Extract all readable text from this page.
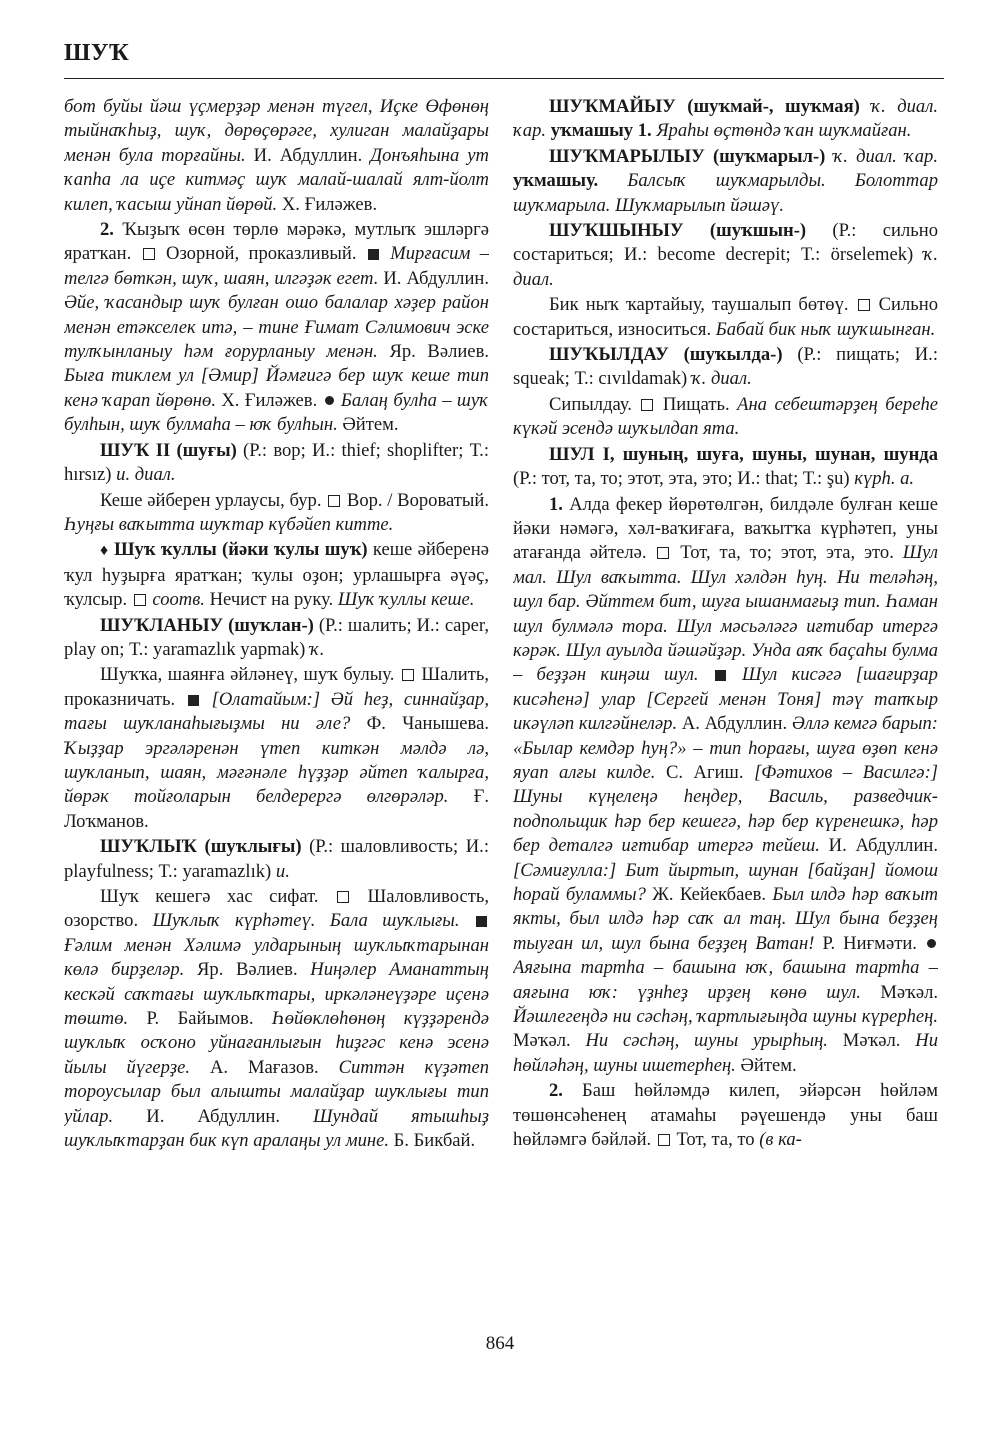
ШУҠ

бот буйы йәш үҫмерҙәр менән түгел, Иҫке Өфөнөң тыйнаҡһыҙ, шуҡ, дөрөҫөрәге, хулиган малайҙары менән була торғайны. И. Абдуллин. Донъяһына ут ҡапһа ла иҫе китмәҫ шуҡ малай-шалай ялт-йолт килеп, ҡасыш уйнап йөрөй. Х. Ғиләжев.

2. Ҡыҙыҡ өсөн төрлө мәрәкә, мутлыҡ эшләргә яратҡан.  Озорной, проказливый.  Мирғасим – телгә бөткән, шуҡ, шаян, илгәҙәк егет. И. Абдуллин. Әйе, ҡасандыр шуҡ булған ошо балалар хәҙер район менән етәкселек итә, – тине Ғимат Сәлимович эске тулҡынланыу һәм ғорурланыу менән. Яр. Вәлиев. Быға тиклем ул [Әмир] Йәмғигә бер шуҡ кеше тип кенә ҡарап йөрөнө. Х. Ғиләжев.  Балаң булһа – шуҡ булһын, шуҡ булмаһа – юҡ булһын. Әйтем.

ШУҠ II (шуғы) (Р.: вор; И.: thief; shoplifter; Т.: hırsız) и. диал.

Кеше әйберен урлаусы, бур.  Вор. / Вороватый. Һуңғы ваҡытта шуҡтар күбәйеп китте.

♦ Шуҡ ҡуллы (йәки ҡулы шуҡ) кеше әйберенә ҡул һуҙырға яратҡан; ҡулы оҙон; урлашырға әүәҫ, ҡулсыр.  соотв. Нечист на руку. Шуҡ ҡуллы кеше.

ШУҠЛАНЫУ (шуҡлан-) (Р.: шалить; И.: caper, play on; Т.: yaramazlık yapmak) ҡ.

Шуҡҡа, шаянға әйләнеү, шуҡ булыу.  Шалить, проказничать.  [Олатайым:] Әй һеҙ, синнайҙар, тағы шуҡланаһығыҙмы ни әле? Ф. Чанышева. Ҡыҙҙар эргәләренән үтеп киткән мәлдә лә, шуҡланып, шаян, мәғәнәле һүҙҙәр әйтеп ҡалырға, йөрәк тойғоларын белдерергә өлгөрәләр. Ғ. Лоҡманов.

ШУҠЛЫҠ (шуҡлығы) (Р.: шаловливость; И.: playfulness; Т.: yaramazlık) и.

Шуҡ кешегә хас сифат.  Шаловливость, озорство. Шуҡлыҡ күрһәтеү. Бала шуҡлығы.  Ғәлим менән Хәлимә улдарының шуҡлыҡтарынан көлә бирҙеләр. Яр. Вәлиев. Ниңәлер Аманаттың кескәй саҡтағы шуҡлыҡтары, иркәләнеүҙәре иҫенә төштө. Р. Байымов. Һөйөклөһөнөң күҙҙәрендә шуҡлыҡ осҡоно уйнағанлығын һиҙгәс кенә эсенә йылы йүгерҙе. А. Мағазов. Ситтән күҙәтеп тороусылар был алышты малайҙар шуҡлығы тип уйлар. И. Абдуллин. Шундай ятышһыҙ шуҡлыҡтарҙан бик күп аралаңы ул мине. Б. Бикбай.

ШУҠМАЙЫУ (шуҡмай-, шуҡмая) ҡ. диал. ҡар. уҡмашыу 1. Яраһы өҫтөндә ҡан шуҡмайған.

ШУҠМАРЫЛЫУ (шуҡмарыл-) ҡ. диал. ҡар. уҡмашыу. Балсыҡ шуҡмарылды. Болоттар шуҡмарыла. Шуҡмарылып йәшәү.

ШУҠШЫНЫУ (шуҡшын-) (Р.: сильно состариться; И.: become decrepit; Т.: örselemek) ҡ. диал.

Бик ныҡ ҡартайыу, таушалып бөтөү.  Сильно состариться, износиться. Бабай бик ныҡ шуҡшынған.

ШУҠЫЛДАУ (шуҡылда-) (Р.: пищать; И.: squeak; Т.: cıvıldamak) ҡ. диал.

Сипылдау.  Пищать. Ана себештәрҙең береһе күкәй эсендә шуҡылдап ята.

ШУЛ I, шуның, шуға, шуны, шунан, шунда (Р.: тот, та, то; этот, эта, это; И.: that; Т.: şu) күрһ. а.

1. Алда фекер йөрөтөлгән, билдәле булған кеше йәки нәмәгә, хәл-ваҡиғаға, ваҡытҡа күрһәтеп, уны атағанда әйтелә.  Тот, та, то; этот, эта, это. Шул мал. Шул ваҡытта. Шул хәлдән һуң. Ни теләһәң, шул бар. Әйттем бит, шуға ышанмағыҙ тип. Һаман шул булмәлә тора. Шул мәсьәләгә иғтибар итергә кәрәк. Шул ауылда йәшәйҙәр. Унда аяҡ баҫаһы булма – беҙҙән киңәш шул.  Шул кисәгә [шағирҙар кисәһенә] улар [Сергей менән Тоня] тәү тапҡыр икәүләп килгәйнеләр. А. Абдуллин. Әллә кемгә барып: «Былар кемдәр һуң?» – тип һорағы, шуға өҙөп кенә яуап алғы килде. С. Агиш. [Фәтихов – Василгә:] Шуны күңелеңә һеңдер, Василь, разведчик-подпольщик һәр бер кешегә, һәр бер күренешкә, һәр бер деталгә иғтибар итергә тейеш. И. Абдуллин. [Сәмиғулла:] Бит йыртып, шунан [байҙан] йомош һорай буламмы? Ж. Кейекбаев. Был илдә һәр ваҡыт якты, был илдә һәр саҡ ал таң. Шул бына беҙҙең тыуған ил, шул бына беҙҙең Ватан! Р. Ниғмәти.  Аяғына тартһа – башына юҡ, башына тартһа – аяғына юҡ: үҙнһеҙ ирҙең көнө шул. Мәҡәл. Йәшлегеңдә ни сәсһәң, ҡартлығыңда шуны күрерһең. Мәҡәл. Ни сәсһәң, шуны урырһың. Мәҡәл. Ни һөйләһәң, шуны ишетерһең. Әйтем.

2. Баш һөйләмдә килеп, эйәрсән һөйләм төшөнсәһенең атамаһы рәүешендә уны баш һөйләмгә бәйләй.  Тот, та, то (в ка-

864
